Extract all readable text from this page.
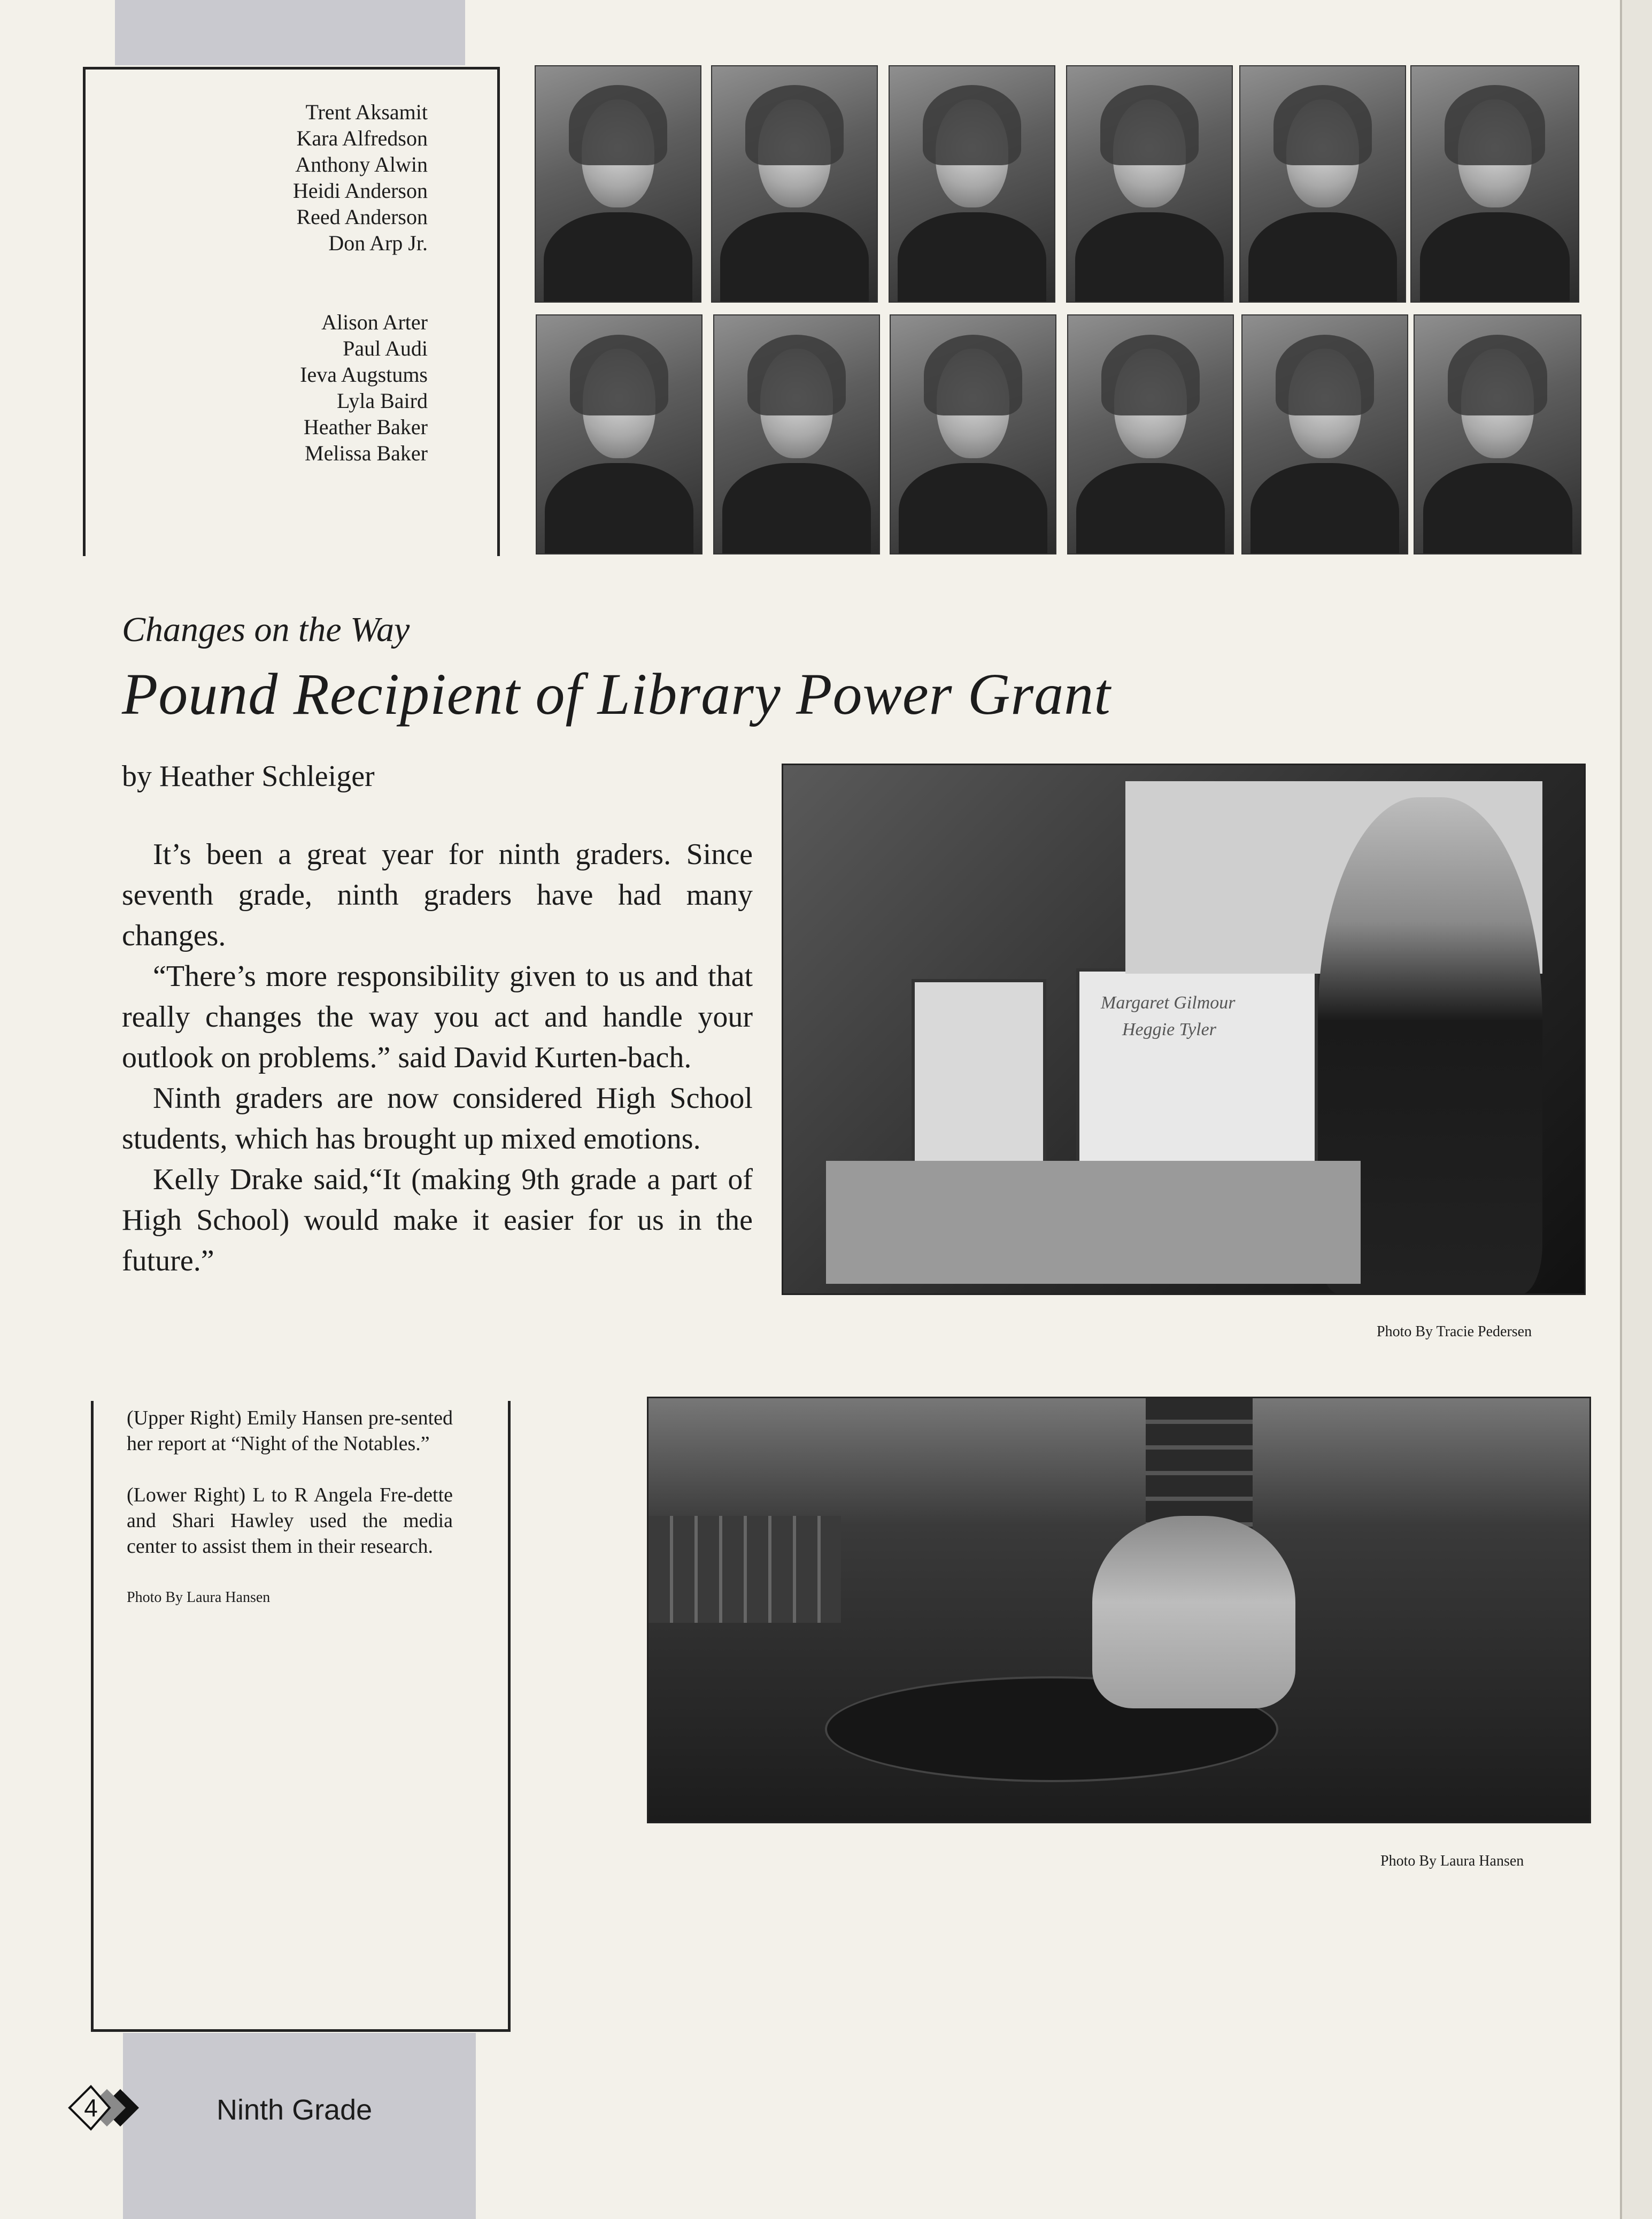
Trent Aksamit
Kara Alfredson
Anthony Alwin
Heidi Anderson
Reed Anderson
Don Arp Jr.
Alison Arter
Paul Audi
Ieva Augstums
Lyla Baird
Heather Baker
Melissa Baker
Changes on the Way
Pound Recipient of Library Power Grant
by Heather Schleiger

It’s been a great year for ninth graders. Since seventh grade, ninth graders have had many changes.

“There’s more responsibility given to us and that really changes the way you act and handle your outlook on problems.” said David Kurten-bach.

Ninth graders are now considered High School students, which has brought up mixed emotions.

Kelly Drake said,“It (making 9th grade a part of High School) would make it easier for us in the future.”

Margaret Gilmour
Heggie Tyler
Photo By Tracie Pedersen

(Upper Right) Emily Hansen pre-sented her report at “Night of the Notables.”

(Lower Right) L to R Angela Fre-dette and Shari Hawley used the media center to assist them in their research.

Photo By Laura Hansen

Photo By Laura Hansen
4	Ninth Grade
